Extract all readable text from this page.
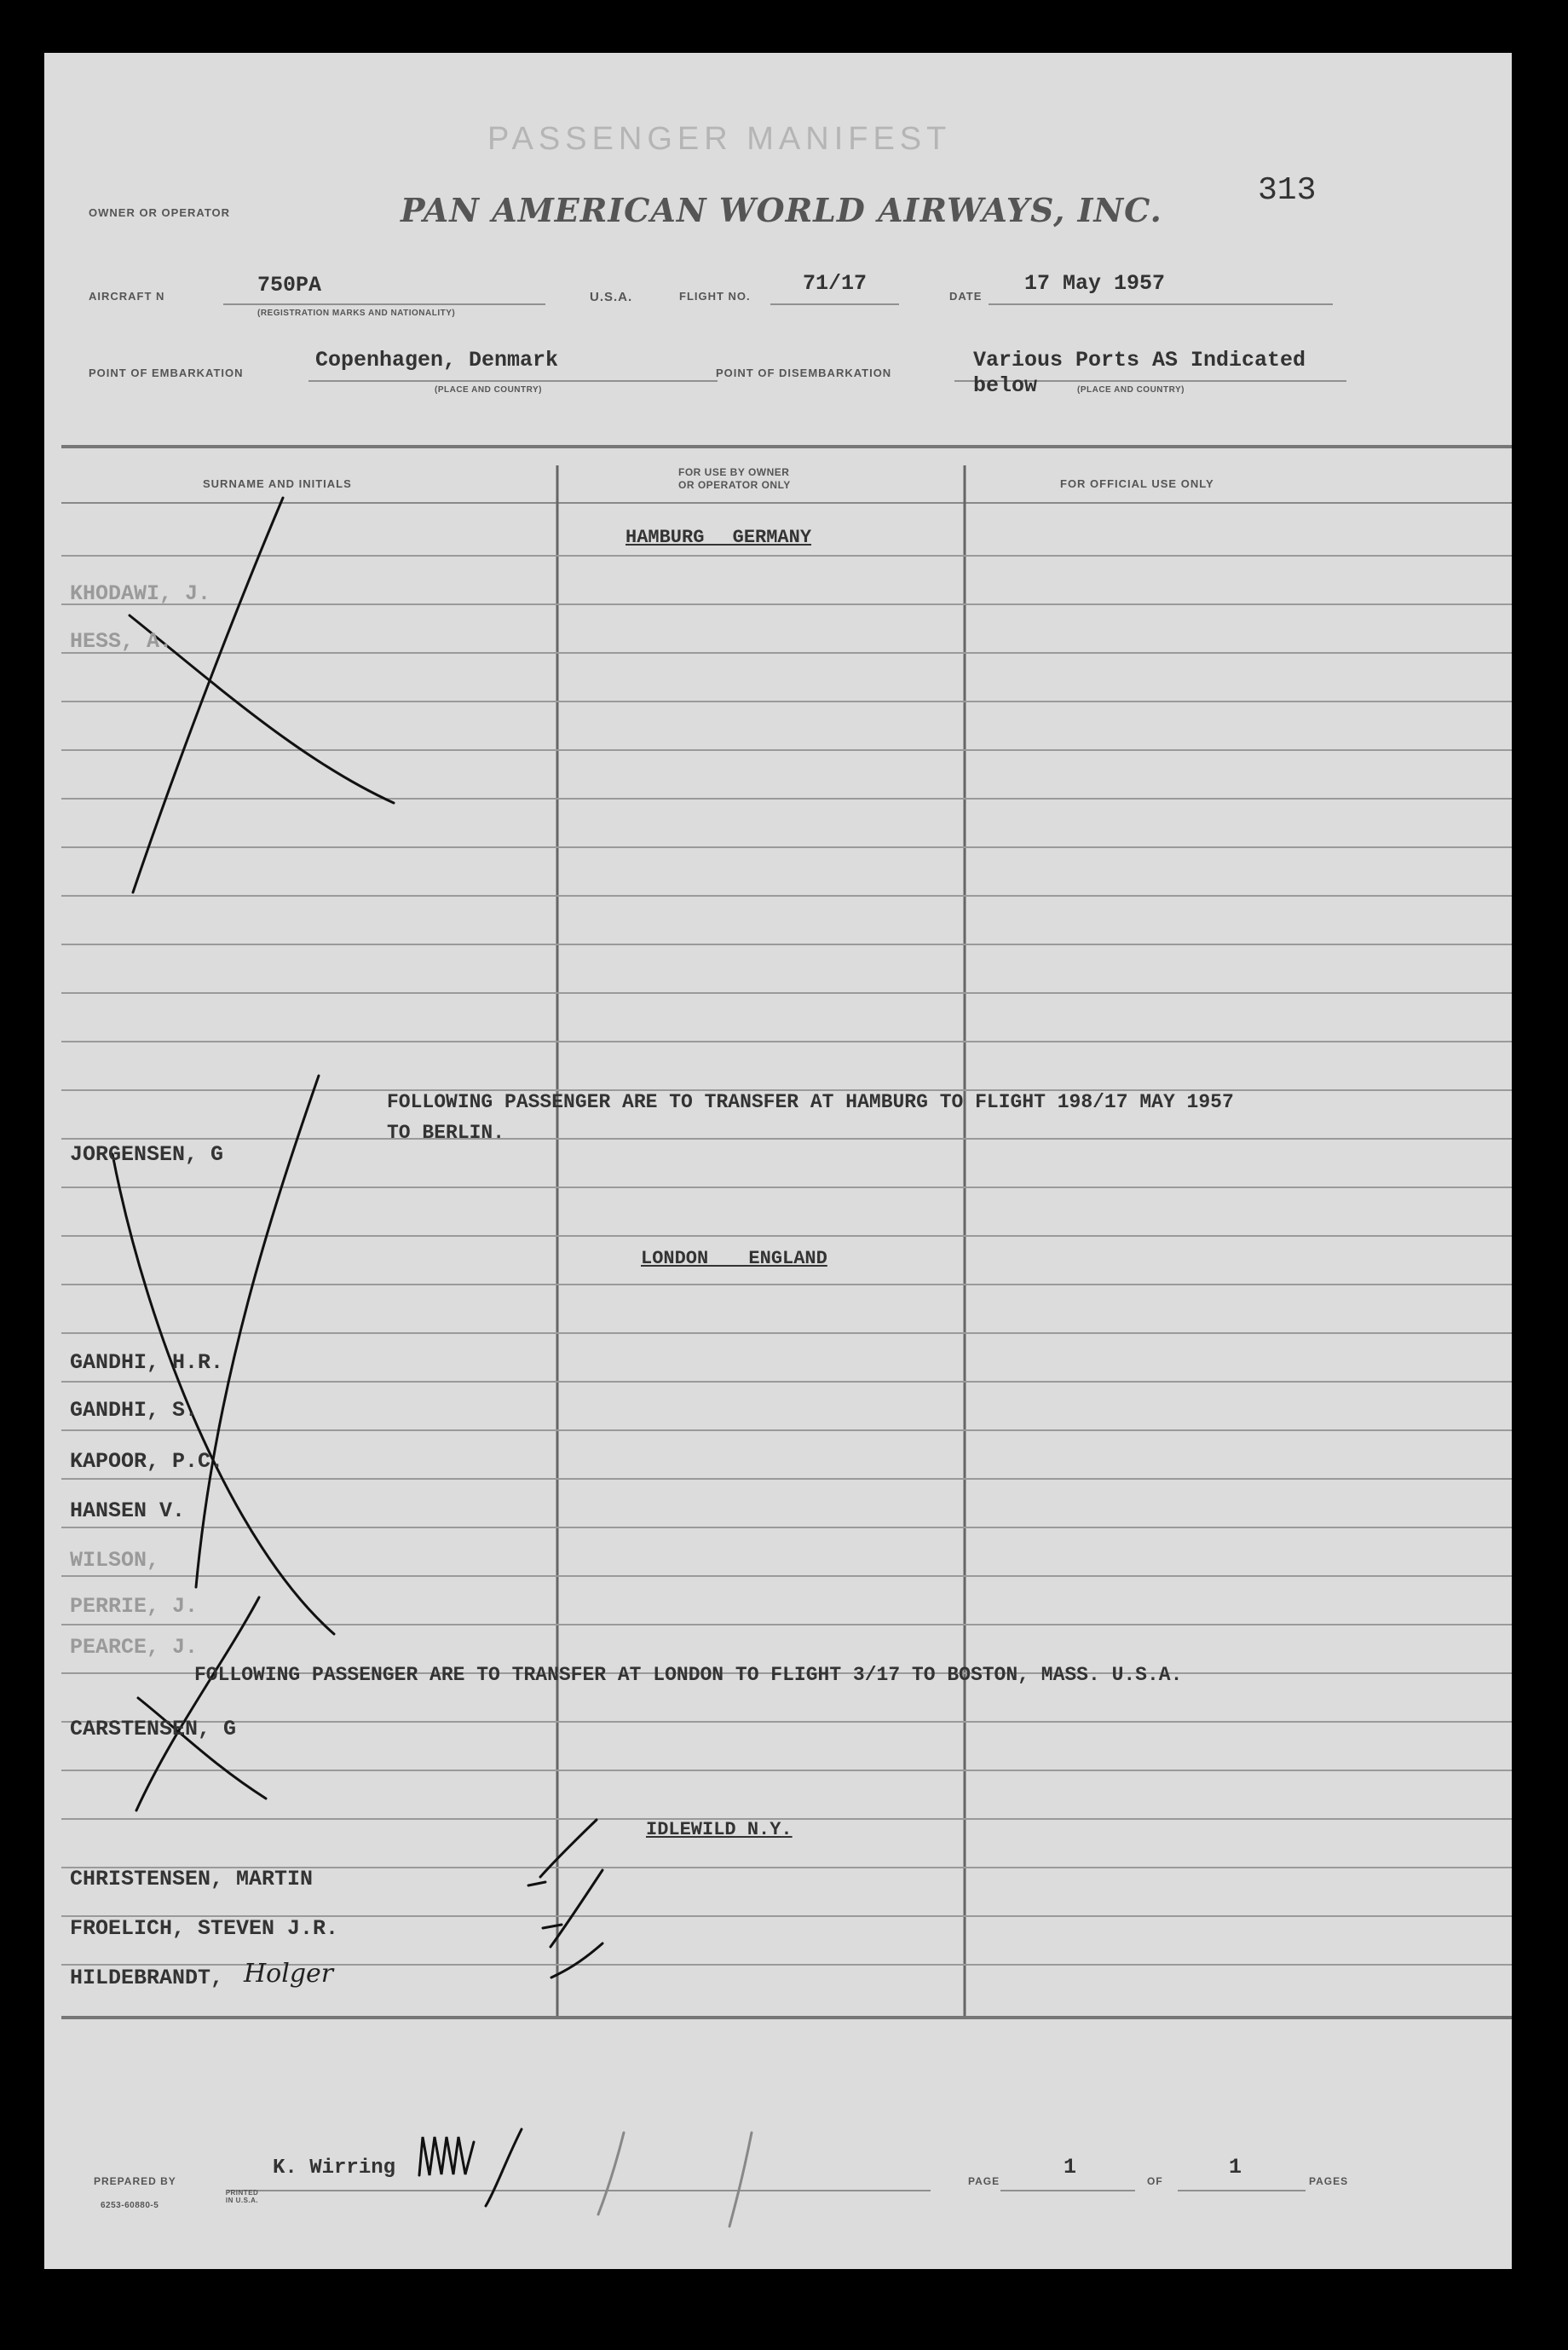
PASSENGER MANIFEST
OWNER OR OPERATOR	PAN AMERICAN WORLD AIRWAYS, INC.
313
AIRCRAFT N	750PA
(REGISTRATION MARKS AND NATIONALITY)
U.S.A.	FLIGHT NO.
71/17
DATE
17 May 1957
POINT OF EMBARKATION
Copenhagen, Denmark
(PLACE AND COUNTRY)
POINT OF DISEMBARKATION
Various Ports AS Indicated
below	(PLACE AND COUNTRY)
SURNAME AND INITIALS
FOR USE BY OWNER
OR OPERATOR ONLY	FOR OFFICIAL USE ONLY
HAMBURG GERMANY
KHODAWI, J.
HESS, A.
FOLLOWING PASSENGER ARE TO TRANSFER AT HAMBURG TO FLIGHT 198/17 MAY 1957
TO BERLIN.
JORGENSEN, G
LONDON ENGLAND
GANDHI, H.R.
GANDHI, S.
KAPOOR, P.C.
HANSEN V.
WILSON,
PERRIE, J.
PEARCE, J.
FOLLOWING PASSENGER ARE TO TRANSFER AT LONDON TO FLIGHT 3/17 TO BOSTON, MASS. U.S.A.
CARSTENSEN, G
IDLEWILD N.Y.
CHRISTENSEN, MARTIN
FROELICH, STEVEN J.R.
HILDEBRANDT, Holger
PREPARED BY
K. Wirring
6253-60880-5
PRINTED IN U.S.A.
PAGE
1
OF
1
PAGES
